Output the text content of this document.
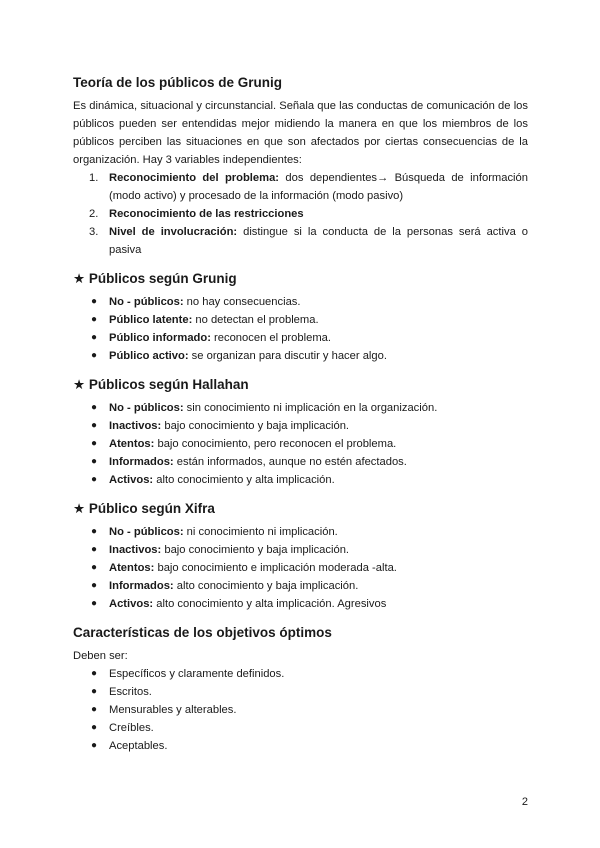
Teoría de los públicos de Grunig

Es dinámica, situacional y circunstancial. Señala que las conductas de comunicación de los públicos pueden ser entendidas mejor midiendo la manera en que los miembros de los públicos perciben las situaciones en que son afectados por ciertas consecuencias de la organización. Hay 3 variables independientes:

1. Reconocimiento del problema: dos dependientes→ Búsqueda de información (modo activo) y procesado de la información (modo pasivo)
2. Reconocimiento de las restricciones
3. Nivel de involucración: distingue si la conducta de la personas será activa o pasiva
★ Públicos según Grunig
● No - públicos: no hay consecuencias.
● Público latente: no detectan el problema.
● Público informado: reconocen el problema.
● Público activo: se organizan para discutir y hacer algo.
★ Públicos según Hallahan
● No - públicos: sin conocimiento ni implicación en la organización.
● Inactivos: bajo conocimiento y baja implicación.
● Atentos: bajo conocimiento, pero reconocen el problema.
● Informados: están informados, aunque no estén afectados.
● Activos: alto conocimiento y alta implicación.
★ Público según Xifra
● No - públicos: ni conocimiento ni implicación.
● Inactivos: bajo conocimiento y baja implicación.
● Atentos: bajo conocimiento e implicación moderada -alta.
● Informados: alto conocimiento y baja implicación.
● Activos: alto conocimiento y alta implicación. Agresivos
Características de los objetivos óptimos

Deben ser:

● Específicos y claramente definidos.
● Escritos.
● Mensurables y alterables.
● Creíbles.
● Aceptables.
2
